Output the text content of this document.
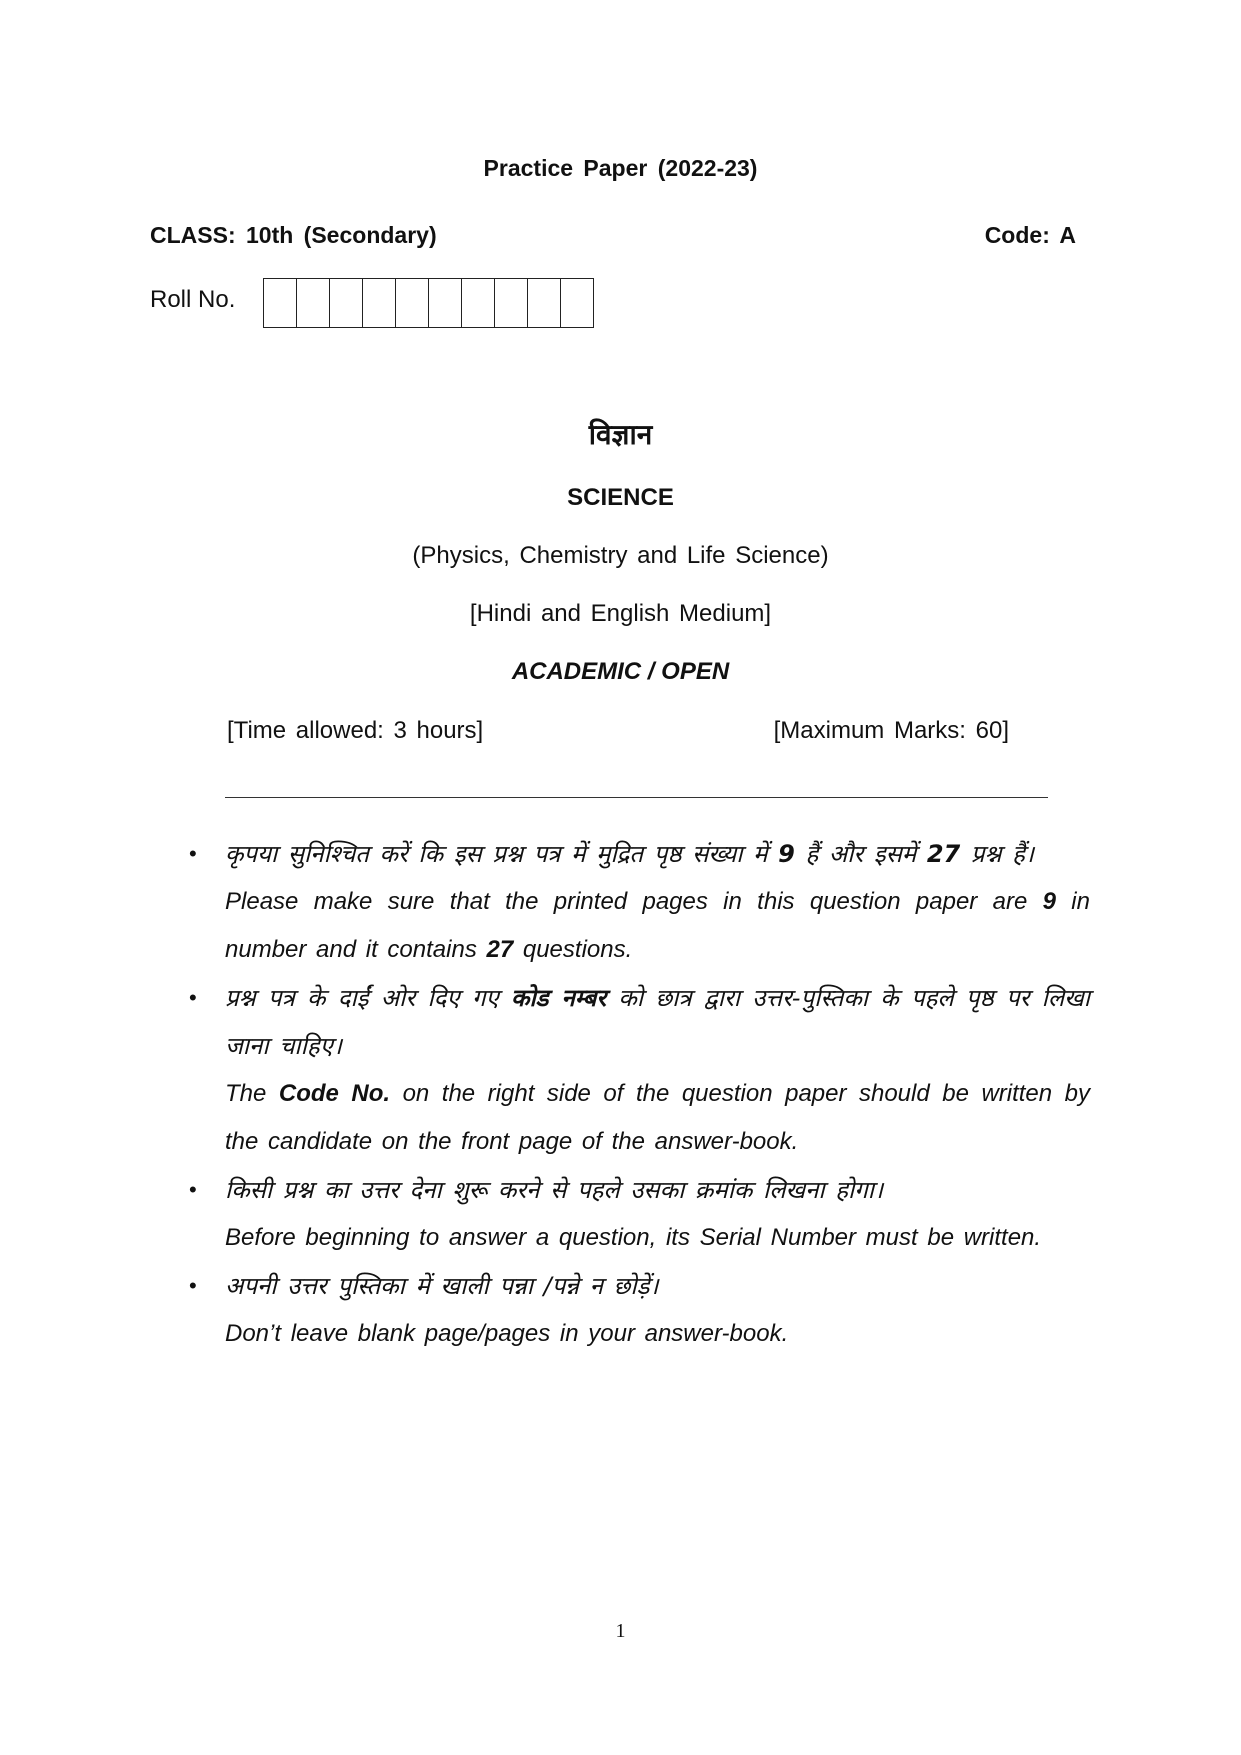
Practice Paper (2022-23)
CLASS: 10th (Secondary)	Code: A
Roll No.
विज्ञान
SCIENCE
(Physics, Chemistry and Life Science)
[Hindi and English Medium]
ACADEMIC / OPEN
[Time allowed: 3 hours]	[Maximum Marks: 60]
• कृपया सुनिश्चित करें कि इस प्रश्न पत्र में मुद्रित पृष्ठ संख्या में 9 हैं और इसमें 27 प्रश्न हैं।

Please make sure that the printed pages in this question paper are 9 in number and it contains 27 questions.

• प्रश्न पत्र के दाईं ओर दिए गए कोड नम्बर को छात्र द्वारा उत्तर-पुस्तिका के पहले पृष्ठ पर लिखा जाना चाहिए।

The Code No. on the right side of the question paper should be written by the candidate on the front page of the answer-book.

• किसी प्रश्न का उत्तर देना शुरू करने से पहले उसका क्रमांक लिखना होगा।

Before beginning to answer a question, its Serial Number must be written.

• अपनी उत्तर पुस्तिका में खाली पन्ना /पन्ने न छोड़ें।

Don’t leave blank page/pages in your answer-book.

1
